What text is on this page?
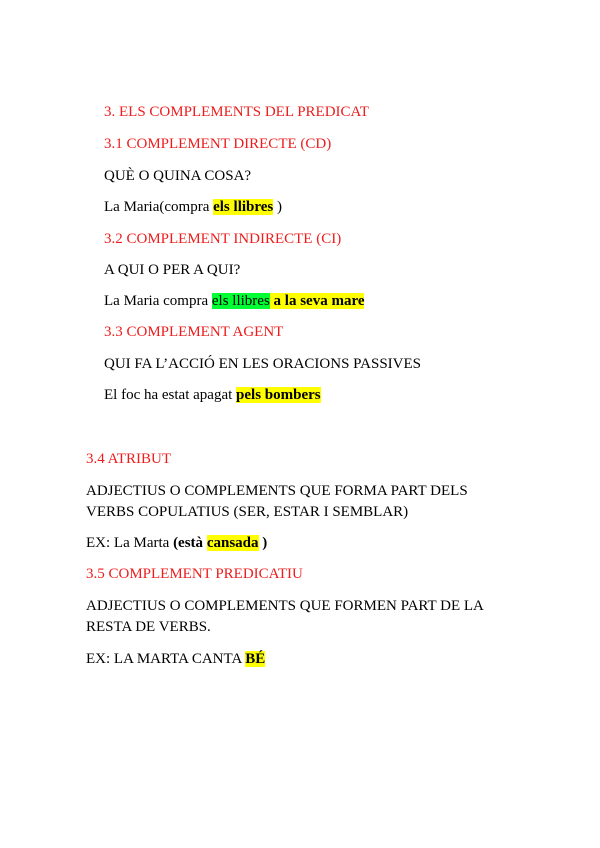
3. ELS COMPLEMENTS DEL PREDICAT
3.1 COMPLEMENT DIRECTE (CD)
QUÈ O QUINA COSA?
La Maria(compra els llibres )
3.2 COMPLEMENT INDIRECTE (CI)
A QUI O PER A QUI?
La Maria compra els llibres a la seva mare
3.3 COMPLEMENT AGENT
QUI FA L’ACCIÓ EN LES ORACIONS PASSIVES
El foc ha estat apagat pels bombers
3.4 ATRIBUT
ADJECTIUS O COMPLEMENTS QUE FORMA PART DELS
VERBS COPULATIUS (SER, ESTAR I SEMBLAR)
EX: La Marta (està cansada )
3.5 COMPLEMENT PREDICATIU
ADJECTIUS O COMPLEMENTS QUE FORMEN PART DE LA
RESTA DE VERBS.
EX: LA MARTA CANTA BÉ
